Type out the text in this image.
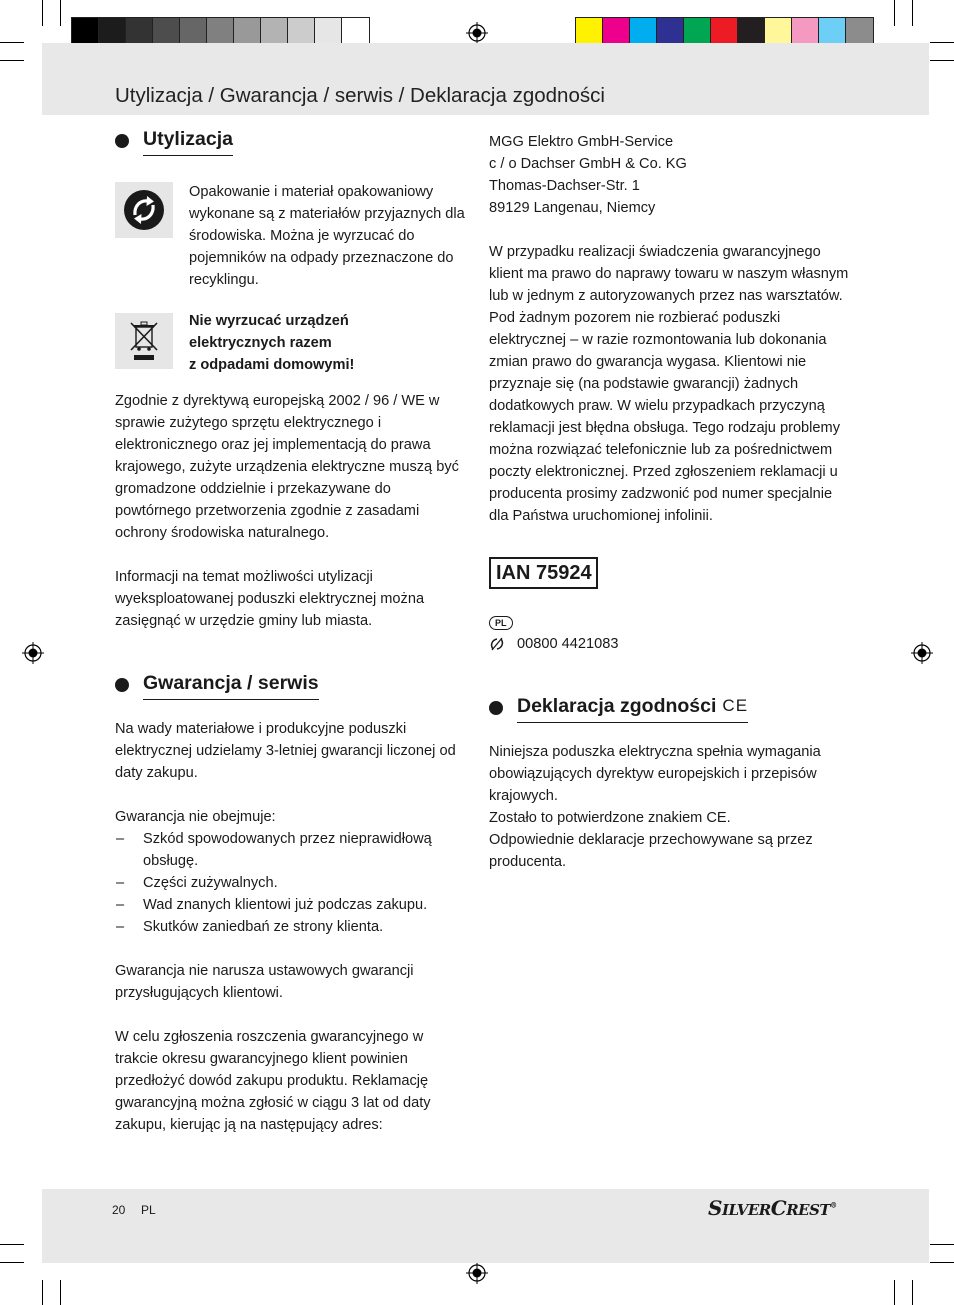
Utylizacja / Gwarancja / serwis / Deklaracja zgodności
Utylizacja

Opakowanie i materiał opakowaniowy wykonane są z materiałów przyjaznych dla środowiska. Można je wyrzucać do pojemników na odpady przeznaczone do recyklingu.

Nie wyrzucać urządzeń
elektrycznych razem
z odpadami domowymi!

Zgodnie z dyrektywą europejską 2002 / 96 / WE w sprawie zużytego sprzętu elektrycznego i elektronicznego oraz jej implementacją do prawa krajowego, zużyte urządzenia elektryczne muszą być gromadzone oddzielnie i przekazywane do powtórnego przetworzenia zgodnie z zasadami ochrony środowiska naturalnego.

Informacji na temat możliwości utylizacji wyeksploatowanej poduszki elektrycznej można zasięgnąć w urzędzie gminy lub miasta.

Gwarancja / serwis

Na wady materiałowe i produkcyjne poduszki elektrycznej udzielamy 3-letniej gwarancji liczonej od daty zakupu.

Gwarancja nie obejmuje:

– Szkód spowodowanych przez nieprawidłową obsługę.
– Części zużywalnych.
– Wad znanych klientowi już podczas zakupu.
– Skutków zaniedbań ze strony klienta.

Gwarancja nie narusza ustawowych gwarancji przysługujących klientowi.

W celu zgłoszenia roszczenia gwarancyjnego w trakcie okresu gwarancyjnego klient powinien przedłożyć dowód zakupu produktu. Reklamację gwarancyjną można zgłosić w ciągu 3 lat od daty zakupu, kierując ją na następujący adres:

MGG Elektro GmbH-Service
c / o Dachser GmbH & Co. KG
Thomas-Dachser-Str. 1
89129 Langenau, Niemcy

W przypadku realizacji świadczenia gwarancyjnego klient ma prawo do naprawy towaru w naszym własnym lub w jednym z autoryzowanych przez nas warsztatów. Pod żadnym pozorem nie rozbierać poduszki elektrycznej – w razie rozmontowania lub dokonania zmian prawo do gwarancja wygasa. Klientowi nie przyznaje się (na podstawie gwarancji) żadnych dodatkowych praw. W wielu przypadkach przyczyną reklamacji jest błędna obsługa. Tego rodzaju problemy można rozwiązać telefonicznie lub za pośrednictwem poczty elektronicznej. Przed zgłoszeniem reklamacji u producenta prosimy zadzwonić pod numer specjalnie dla Państwa uruchomionej infolinii.

IAN 75924
PL
00800 4421083
Deklaracja zgodności CE

Niniejsza poduszka elektryczna spełnia wymagania obowiązujących dyrektyw europejskich i przepisów krajowych.

Zostało to potwierdzone znakiem CE.

Odpowiednie deklaracje przechowywane są przez producenta.

20 PL	SILVERCREST®
